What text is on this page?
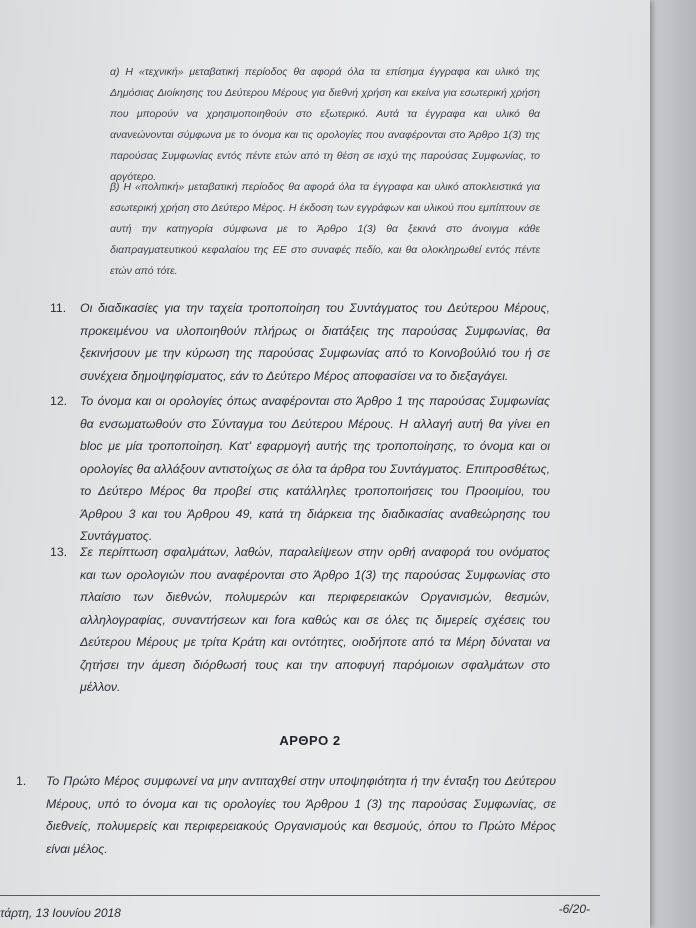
α) Η «τεχνική» μεταβατική περίοδος θα αφορά όλα τα επίσημα έγγραφα και υλικό της Δημόσιας Διοίκησης του Δεύτερου Μέρους για διεθνή χρήση και εκείνα για εσωτερική χρήση που μπορούν να χρησιμοποιηθούν στο εξωτερικό. Αυτά τα έγγραφα και υλικό θα ανανεώνονται σύμφωνα με το όνομα και τις ορολογίες που αναφέρονται στο Άρθρο 1(3) της παρούσας Συμφωνίας εντός πέντε ετών από τη θέση σε ισχύ της παρούσας Συμφωνίας, το αργότερο.
β) Η «πολιτική» μεταβατική περίοδος θα αφορά όλα τα έγγραφα και υλικό αποκλειστικά για εσωτερική χρήση στο Δεύτερο Μέρος. Η έκδοση των εγγράφων και υλικού που εμπίπτουν σε αυτή την κατηγορία σύμφωνα με το Άρθρο 1(3) θα ξεκινά στο άνοιγμα κάθε διαπραγματευτικού κεφαλαίου της ΕΕ στο συναφές πεδίο, και θα ολοκληρωθεί εντός πέντε ετών από τότε.
11. Οι διαδικασίες για την ταχεία τροποποίηση του Συντάγματος του Δεύτερου Μέρους, προκειμένου να υλοποιηθούν πλήρως οι διατάξεις της παρούσας Συμφωνίας, θα ξεκινήσουν με την κύρωση της παρούσας Συμφωνίας από το Κοινοβούλιό του ή σε συνέχεια δημοψηφίσματος, εάν το Δεύτερο Μέρος αποφασίσει να το διεξαγάγει.
12. Το όνομα και οι ορολογίες όπως αναφέρονται στο Άρθρο 1 της παρούσας Συμφωνίας θα ενσωματωθούν στο Σύνταγμα του Δεύτερου Μέρους. Η αλλαγή αυτή θα γίνει en bloc με μία τροποποίηση. Κατ' εφαρμογή αυτής της τροποποίησης, το όνομα και οι ορολογίες θα αλλάξουν αντιστοίχως σε όλα τα άρθρα του Συντάγματος. Επιπροσθέτως, το Δεύτερο Μέρος θα προβεί στις κατάλληλες τροποποιήσεις του Προοιμίου, του Άρθρου 3 και του Άρθρου 49, κατά τη διάρκεια της διαδικασίας αναθεώρησης του Συντάγματος.
13. Σε περίπτωση σφαλμάτων, λαθών, παραλείψεων στην ορθή αναφορά του ονόματος και των ορολογιών που αναφέρονται στο Άρθρο 1(3) της παρούσας Συμφωνίας στο πλαίσιο των διεθνών, πολυμερών και περιφερειακών Οργανισμών, θεσμών, αλληλογραφίας, συναντήσεων και fora καθώς και σε όλες τις διμερείς σχέσεις του Δεύτερου Μέρους με τρίτα Κράτη και οντότητες, οιοδήποτε από τα Μέρη δύναται να ζητήσει την άμεση διόρθωσή τους και την αποφυγή παρόμοιων σφαλμάτων στο μέλλον.
ΑΡΘΡΟ 2
1. Το Πρώτο Μέρος συμφωνεί να μην αντιταχθεί στην υποψηφιότητα ή την ένταξη του Δεύτερου Μέρους, υπό το όνομα και τις ορολογίες του Άρθρου 1 (3) της παρούσας Συμφωνίας, σε διεθνείς, πολυμερείς και περιφερειακούς Οργανισμούς και θεσμούς, όπου το Πρώτο Μέρος είναι μέλος.
τάρτη, 13 Ιουνίου 2018	-6/20-
